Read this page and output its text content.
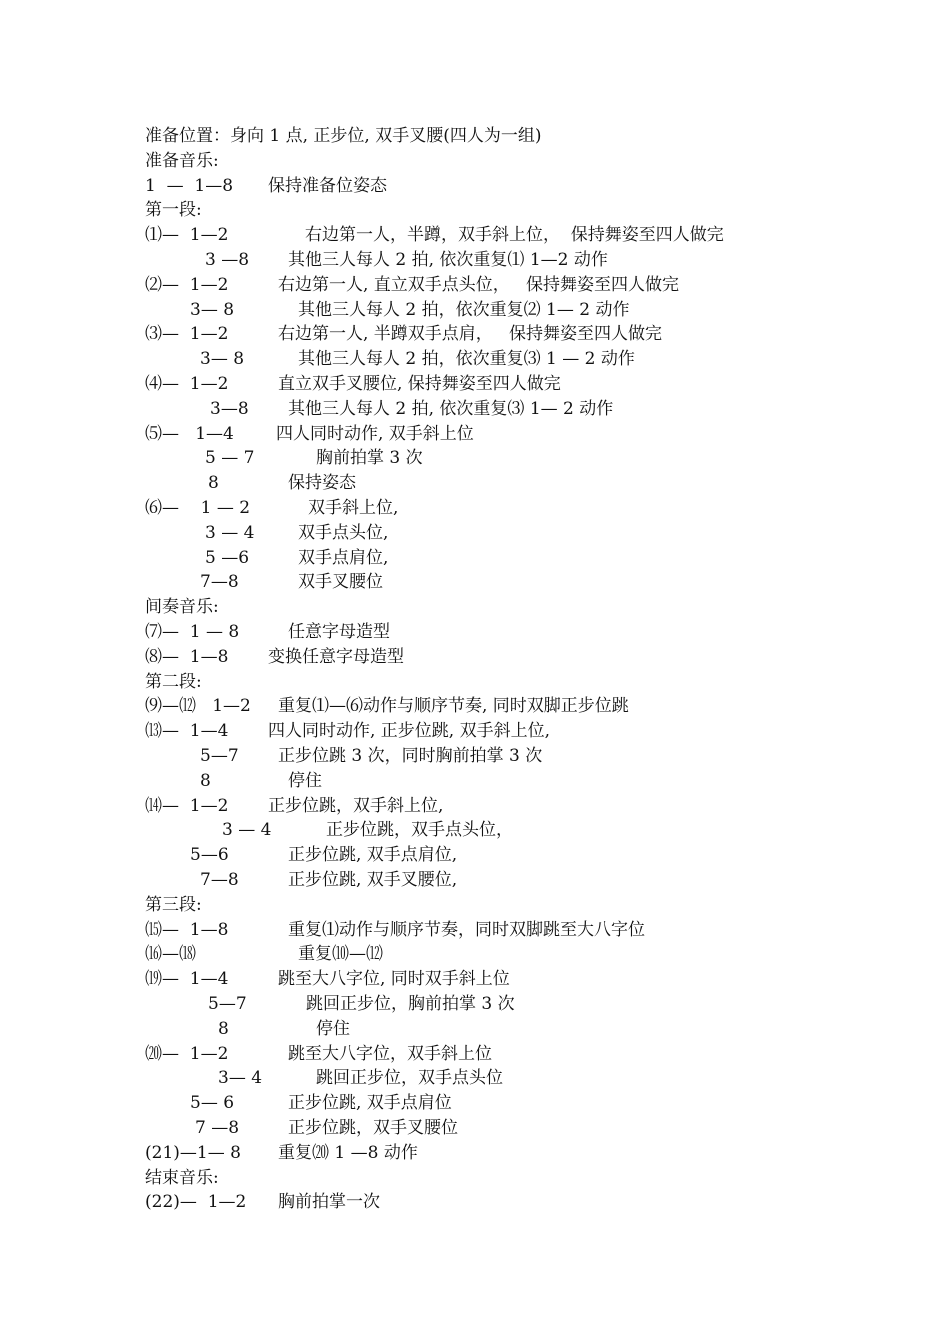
准备位置：身向 1 点, 正步位, 双手叉腰(四人为一组)
准备音乐:
1  —  1—8 保持准备位姿态
第一段:
⑴—  1—2	右边第一人，半蹲，双手斜上位，  保持舞姿至四人做完
3 —8 其他三人每人 2 拍, 依次重复⑴ 1—2 动作
⑵—  1—2	右边第一人, 直立双手点头位，   保持舞姿至四人做完
3— 8	其他三人每人 2 拍，依次重复⑵ 1— 2 动作
⑶—  1—2	右边第一人, 半蹲双手点肩，   保持舞姿至四人做完
3— 8	其他三人每人 2 拍，依次重复⑶ 1 — 2 动作
⑷—  1—2	直立双手叉腰位, 保持舞姿至四人做完
3—8 其他三人每人 2 拍, 依次重复⑶ 1— 2 动作
⑸—   1—4 四人同时动作, 双手斜上位
5 — 7	胸前拍掌 3 次
8	保持姿态
⑹—    1 — 2	双手斜上位,
3 — 4	双手点头位,
5 —6	双手点肩位,
7—8	双手叉腰位
间奏音乐:
⑺—  1 — 8	任意字母造型
⑻—  1—8 变换任意字母造型
第二段:
⑼—⑿   1—2 重复⑴—⑹动作与顺序节奏, 同时双脚正步位跳
⒀—  1—4 四人同时动作, 正步位跳, 双手斜上位,
5—7 正步位跳 3 次，同时胸前拍掌 3 次
8	停住
⒁—  1—2 正步位跳，双手斜上位,
3 — 4	正步位跳，双手点头位，
5—6	正步位跳, 双手点肩位,
7—8	正步位跳, 双手叉腰位,
第三段:
⒂—  1—8	重复⑴动作与顺序节奏，同时双脚跳至大八字位
⒃—⒅	重复⑽—⑿
⒆—  1—4	跳至大八字位, 同时双手斜上位
5—7	跳回正步位，胸前拍掌 3 次
8	停住
⒇—  1—2	跳至大八字位，双手斜上位
3— 4	跳回正步位，双手点头位
5— 6	正步位跳, 双手点肩位
7 —8	正步位跳，双手叉腰位
(21)—1— 8 重复⒇ 1 —8 动作
结束音乐:
(22)—  1—2 胸前拍掌一次
